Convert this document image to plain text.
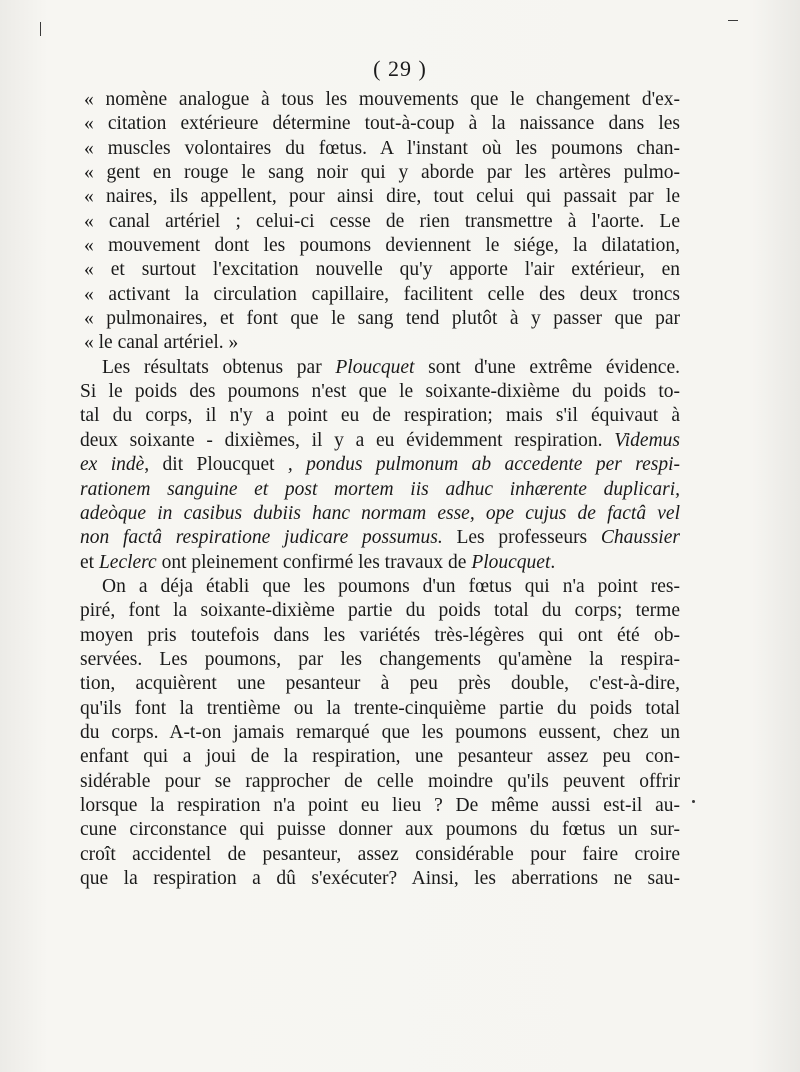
( 29 )
« nomène analogue à tous les mouvements que le changement d'ex-
« citation extérieure détermine tout-à-coup à la naissance dans les
« muscles volontaires du fœtus. A l'instant où les poumons chan-
« gent en rouge le sang noir qui y aborde par les artères pulmo-
« naires, ils appellent, pour ainsi dire, tout celui qui passait par le
« canal artériel ; celui-ci cesse de rien transmettre à l'aorte. Le
« mouvement dont les poumons deviennent le siége, la dilatation,
« et surtout l'excitation nouvelle qu'y apporte l'air extérieur, en
« activant la circulation capillaire, facilitent celle des deux troncs
« pulmonaires, et font que le sang tend plutôt à y passer que par
« le canal artériel. »
Les résultats obtenus par Ploucquet sont d'une extrême évidence.
Si le poids des poumons n'est que le soixante-dixième du poids to-
tal du corps, il n'y a point eu de respiration; mais s'il équivaut à
deux soixante - dixièmes, il y a eu évidemment respiration. Videmus
ex indè, dit Ploucquet , pondus pulmonum ab accedente per respi-
rationem sanguine et post mortem iis adhuc inhærente duplicari,
adeòque in casibus dubiis hanc normam esse, ope cujus de factâ vel
non factâ respiratione judicare possumus. Les professeurs Chaussier
et Leclerc ont pleinement confirmé les travaux de Ploucquet.
On a déja établi que les poumons d'un fœtus qui n'a point res-
piré, font la soixante-dixième partie du poids total du corps; terme
moyen pris toutefois dans les variétés très-légères qui ont été ob-
servées. Les poumons, par les changements qu'amène la respira-
tion, acquièrent une pesanteur à peu près double, c'est-à-dire,
qu'ils font la trentième ou la trente-cinquième partie du poids total
du corps. A-t-on jamais remarqué que les poumons eussent, chez un
enfant qui a joui de la respiration, une pesanteur assez peu con-
sidérable pour se rapprocher de celle moindre qu'ils peuvent offrir
lorsque la respiration n'a point eu lieu ? De même aussi est-il au-
cune circonstance qui puisse donner aux poumons du fœtus un sur-
croît accidentel de pesanteur, assez considérable pour faire croire
que la respiration a dû s'exécuter? Ainsi, les aberrations ne sau-
